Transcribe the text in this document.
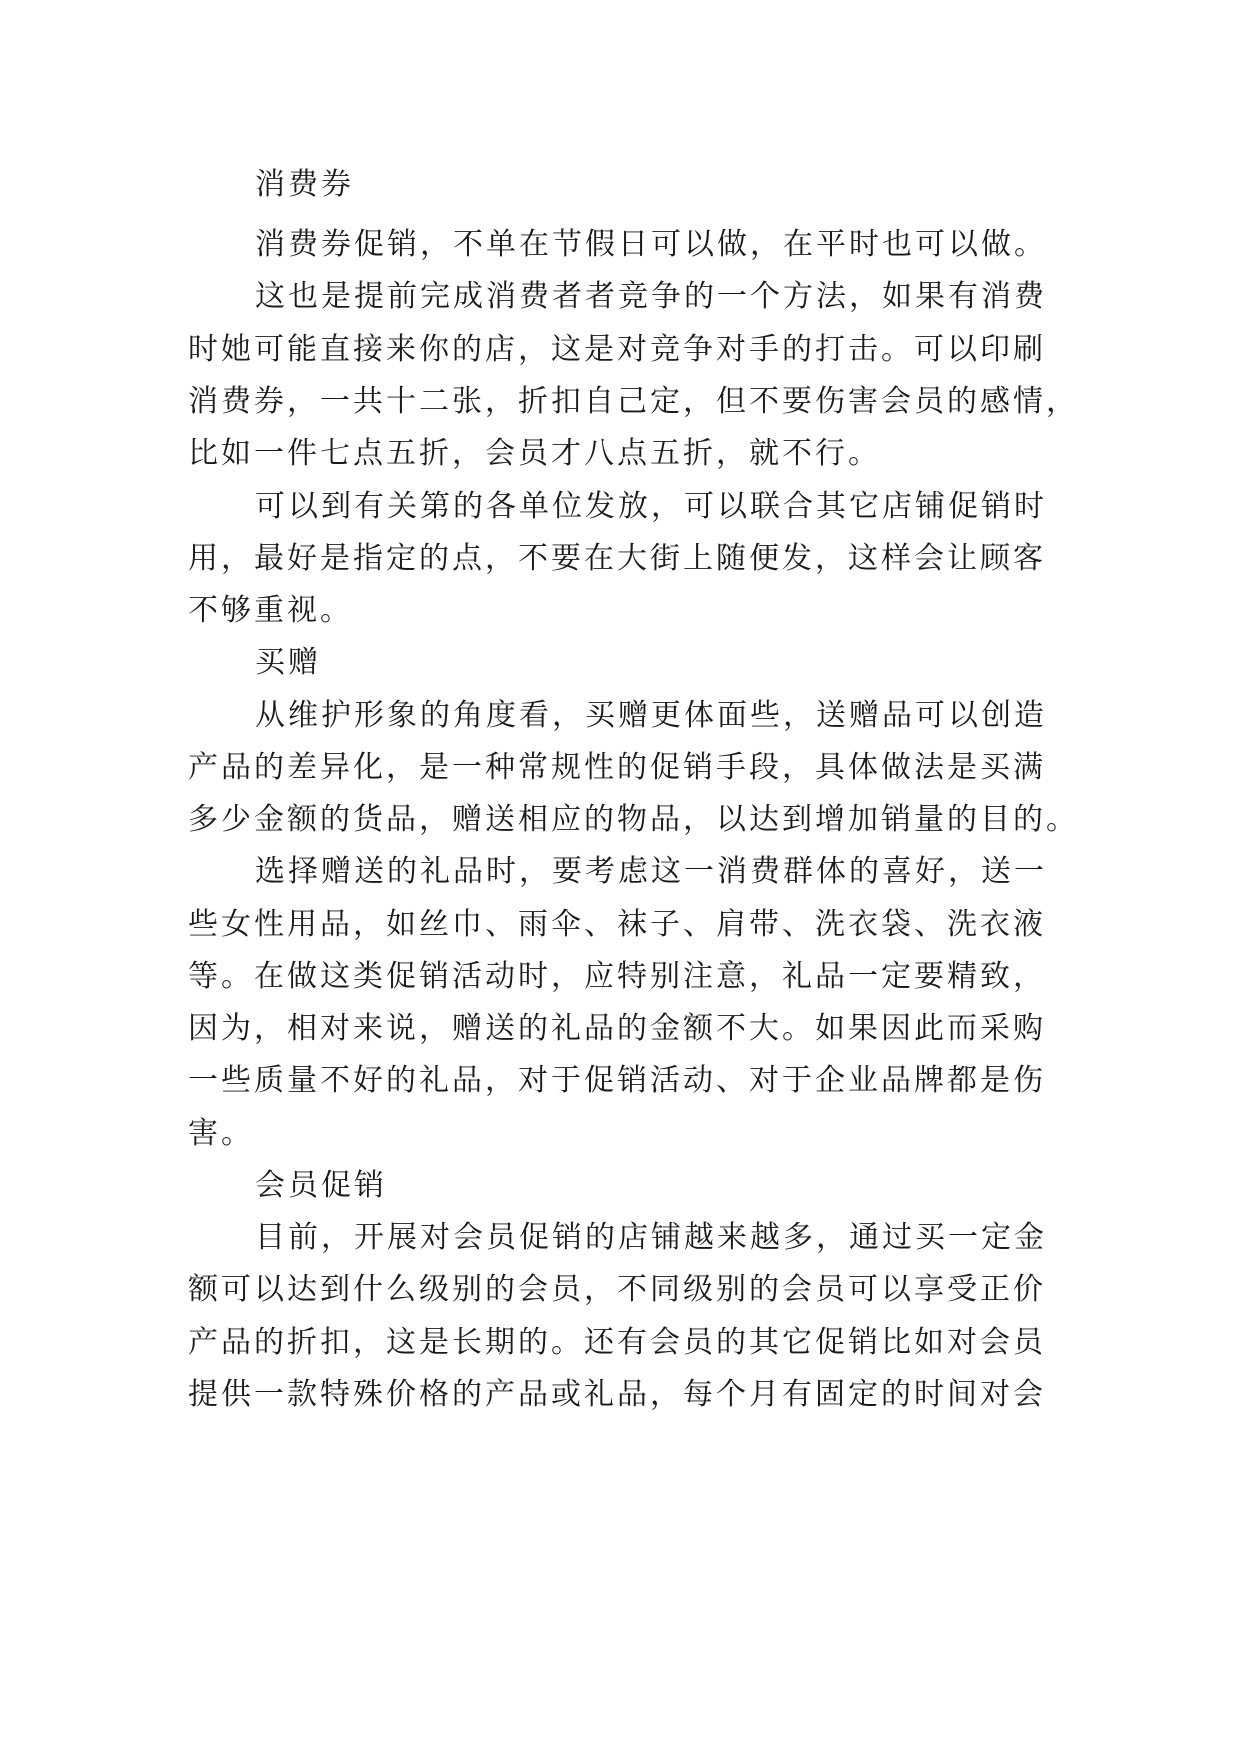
消费券
消费券促销，不单在节假日可以做，在平时也可以做。
这也是提前完成消费者者竞争的一个方法，如果有消费
时她可能直接来你的店，这是对竞争对手的打击。可以印刷
消费券，一共十二张，折扣自己定，但不要伤害会员的感情，
比如一件七点五折，会员才八点五折，就不行。
可以到有关第的各单位发放，可以联合其它店铺促销时
用，最好是指定的点，不要在大街上随便发，这样会让顾客
不够重视。
买赠
从维护形象的角度看，买赠更体面些，送赠品可以创造
产品的差异化，是一种常规性的促销手段，具体做法是买满
多少金额的货品，赠送相应的物品，以达到增加销量的目的。
选择赠送的礼品时，要考虑这一消费群体的喜好，送一
些女性用品，如丝巾、雨伞、袜子、肩带、洗衣袋、洗衣液
等。在做这类促销活动时，应特别注意，礼品一定要精致，
因为，相对来说，赠送的礼品的金额不大。如果因此而采购
一些质量不好的礼品，对于促销活动、对于企业品牌都是伤
害。
会员促销
目前，开展对会员促销的店铺越来越多，通过买一定金
额可以达到什么级别的会员，不同级别的会员可以享受正价
产品的折扣，这是长期的。还有会员的其它促销比如对会员
提供一款特殊价格的产品或礼品，每个月有固定的时间对会
